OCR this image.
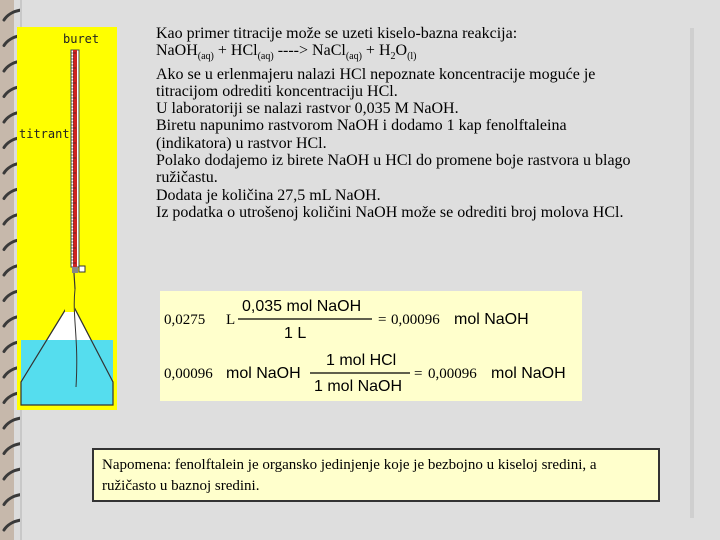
buret
titrant

Kao primer titracije može se uzeti kiselo-bazna reakcija:

NaOH$_{(aq)}$ + HCl$_{(aq)}$ ----> NaCl$_{(aq)}$ + $H_2O_{(l)}$

Ako se u erlenmajeru nalazi HCl nepoznate koncentracije moguće je titracijom odrediti koncentraciju HCl.

U laboratoriji se nalazi rastvor 0,035 M NaOH.

Biretu napunimo rastvorom NaOH i dodamo 1 kap fenolftaleina (indikatora) u rastvor HCl.

Polako dodajemo iz birete NaOH u HCl do promene boje rastvora u blago ružičastu.

Dodata je količina 27,5 mL NaOH.

Iz podatka o utrošenoj količini NaOH može se odrediti broj molova HCl.

0,0275 L	= 0,00096
0,00096	= 0,00096
0,035 mol NaOH
1 L
mol NaOH
mol NaOH
1 mol HCl
1 mol NaOH
mol NaOH
Napomena: fenolftalein je organsko jedinjenje koje je bezbojno u kiseloj sredini, a ružičasto u baznoj sredini.
